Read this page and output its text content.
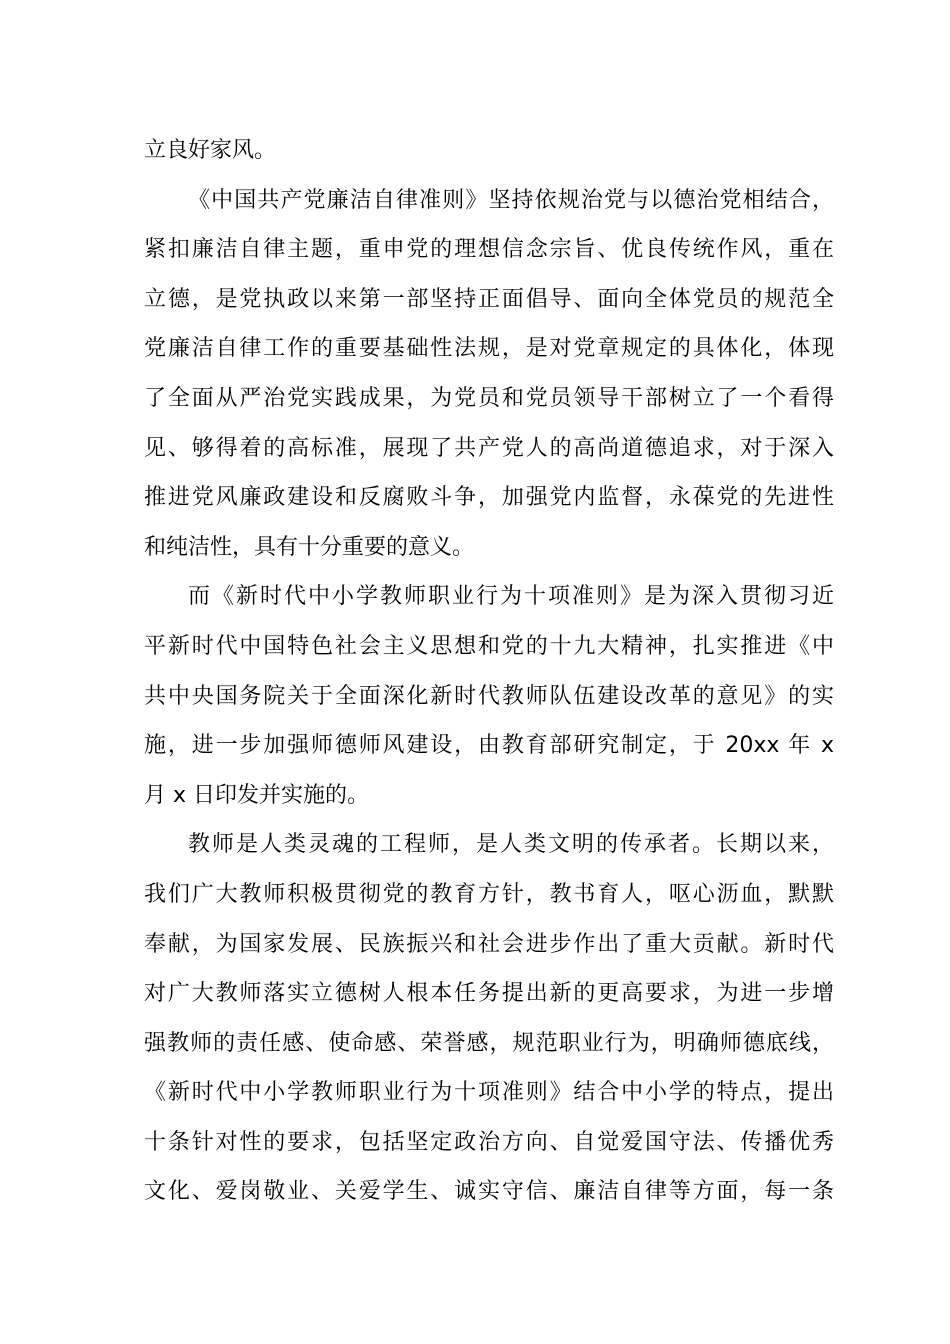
立良好家风。
《中国共产党廉洁自律准则》坚持依规治党与以德治党相结合，
紧扣廉洁自律主题，重申党的理想信念宗旨、优良传统作风，重在
立德，是党执政以来第一部坚持正面倡导、面向全体党员的规范全
党廉洁自律工作的重要基础性法规，是对党章规定的具体化，体现
了全面从严治党实践成果，为党员和党员领导干部树立了一个看得
见、够得着的高标准，展现了共产党人的高尚道德追求，对于深入
推进党风廉政建设和反腐败斗争，加强党内监督，永葆党的先进性
和纯洁性，具有十分重要的意义。
而《新时代中小学教师职业行为十项准则》是为深入贯彻习近
平新时代中国特色社会主义思想和党的十九大精神，扎实推进《中
共中央国务院关于全面深化新时代教师队伍建设改革的意见》的实
施，进一步加强师德师风建设，由教育部研究制定，于 20xx 年 x
月 x 日印发并实施的。
教师是人类灵魂的工程师，是人类文明的传承者。长期以来，
我们广大教师积极贯彻党的教育方针，教书育人，呕心沥血，默默
奉献，为国家发展、民族振兴和社会进步作出了重大贡献。新时代
对广大教师落实立德树人根本任务提出新的更高要求，为进一步增
强教师的责任感、使命感、荣誉感，规范职业行为，明确师德底线，
《新时代中小学教师职业行为十项准则》结合中小学的特点，提出
十条针对性的要求，包括坚定政治方向、自觉爱国守法、传播优秀
文化、爱岗敬业、关爱学生、诚实守信、廉洁自律等方面，每一条
